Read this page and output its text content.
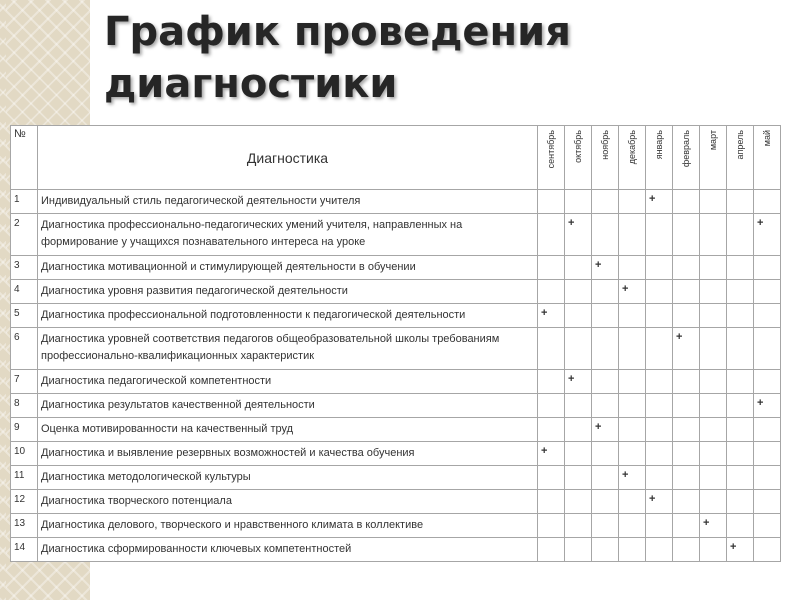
График проведения
диагностики
№	Диагностика	сентябрь	октябрь	ноябрь	декабрь	январь	февраль	март	апрель	май

1	Индивидуальный стиль педагогической деятельности учителя					+				
2	Диагностика профессионально-педагогических умений учителя, направленных на формирование у учащихся познавательного интереса на уроке		+							+
3	Диагностика мотивационной и стимулирующей деятельности в обучении			+						
4	Диагностика уровня развития педагогической деятельности				+					
5	Диагностика профессиональной подготовленности к педагогической деятельности	+								
6	Диагностика уровней соответствия педагогов общеобразовательной школы требованиям профессионально-квалификационных характеристик						+			
7	Диагностика педагогической компетентности		+							
8	Диагностика результатов качественной деятельности									+
9	Оценка мотивированности на качественный труд			+						
10	Диагностика и выявление резервных возможностей и качества обучения	+								
11	Диагностика методологической культуры				+					
12	Диагностика творческого потенциала					+				
13	Диагностика делового, творческого и нравственного климата в коллективе							+		
14	Диагностика сформированности ключевых компетентностей								+	
